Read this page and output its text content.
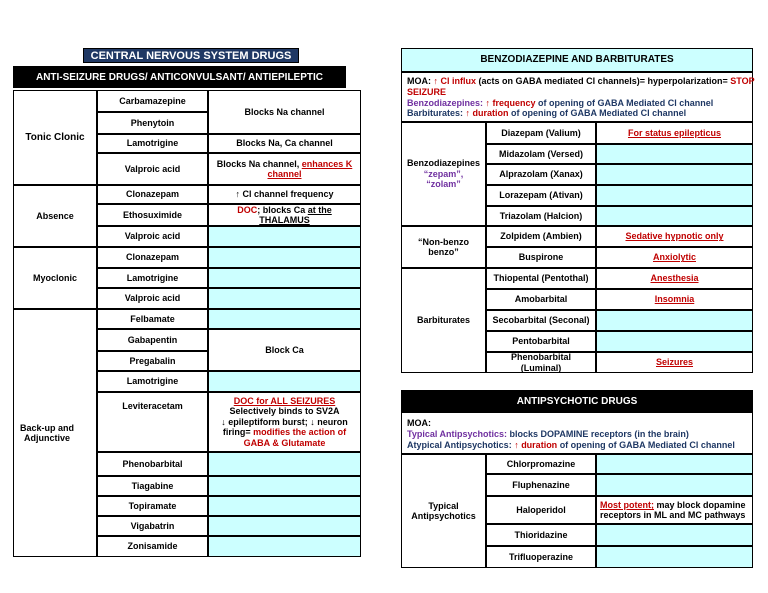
CENTRAL NERVOUS SYSTEM DRUGS
ANTI-SEIZURE DRUGS/ ANTICONVULSANT/ ANTIEPILEPTIC
Tonic Clonic
Absence
Myoclonic
Back-up and Adjunctive
Carbamazepine
Phenytoin
Lamotrigine
Valproic acid
Clonazepam
Ethosuximide
Valproic acid
Clonazepam
Lamotrigine
Valproic acid
Felbamate
Gabapentin
Pregabalin
Lamotrigine
Leviteracetam
Phenobarbital
Tiagabine
Topiramate
Vigabatrin
Zonisamide
Blocks Na channel
Blocks Na, Ca channel
Blocks Na channel, enhances K channel
↑ Cl channel frequency
DOC; blocks Ca at the THALAMUS
Block Ca
DOC for ALL SEIZURES
Selectively binds to SV2A
↓ epileptiform burst; ↓ neuron
firing= modifies the action of
GABA & Glutamate
BENZODIAZEPINE AND BARBITURATES
MOA: ↑ Cl influx (acts on GABA mediated Cl channels)= hyperpolarization= STOP
SEIZURE
Benzodiazepines: ↑ frequency of opening of GABA Mediated Cl channel
Barbiturates: ↑ duration of opening of GABA Mediated Cl channel
Benzodiazepines
“zepam”,
“zolam”
“Non-benzo benzo”
Barbiturates
Diazepam (Valium)
Midazolam (Versed)
Alprazolam (Xanax)
Lorazepam (Ativan)
Triazolam (Halcion)
Zolpidem (Ambien)
Buspirone
Thiopental (Pentothal)
Amobarbital
Secobarbital (Seconal)
Pentobarbital
Phenobarbital (Luminal)
For status epilepticus
Sedative hypnotic only
Anxiolytic
Anesthesia
Insomnia
Seizures
ANTIPSYCHOTIC DRUGS
MOA:
Typical Antipsychotics: blocks DOPAMINE receptors (in the brain)
Atypical Antipsychotics: ↑ duration of opening of GABA Mediated Cl channel
Typical Antipsychotics
Chlorpromazine
Fluphenazine
Haloperidol
Thioridazine
Trifluoperazine
Most potent; may block dopamine receptors in ML and MC pathways
